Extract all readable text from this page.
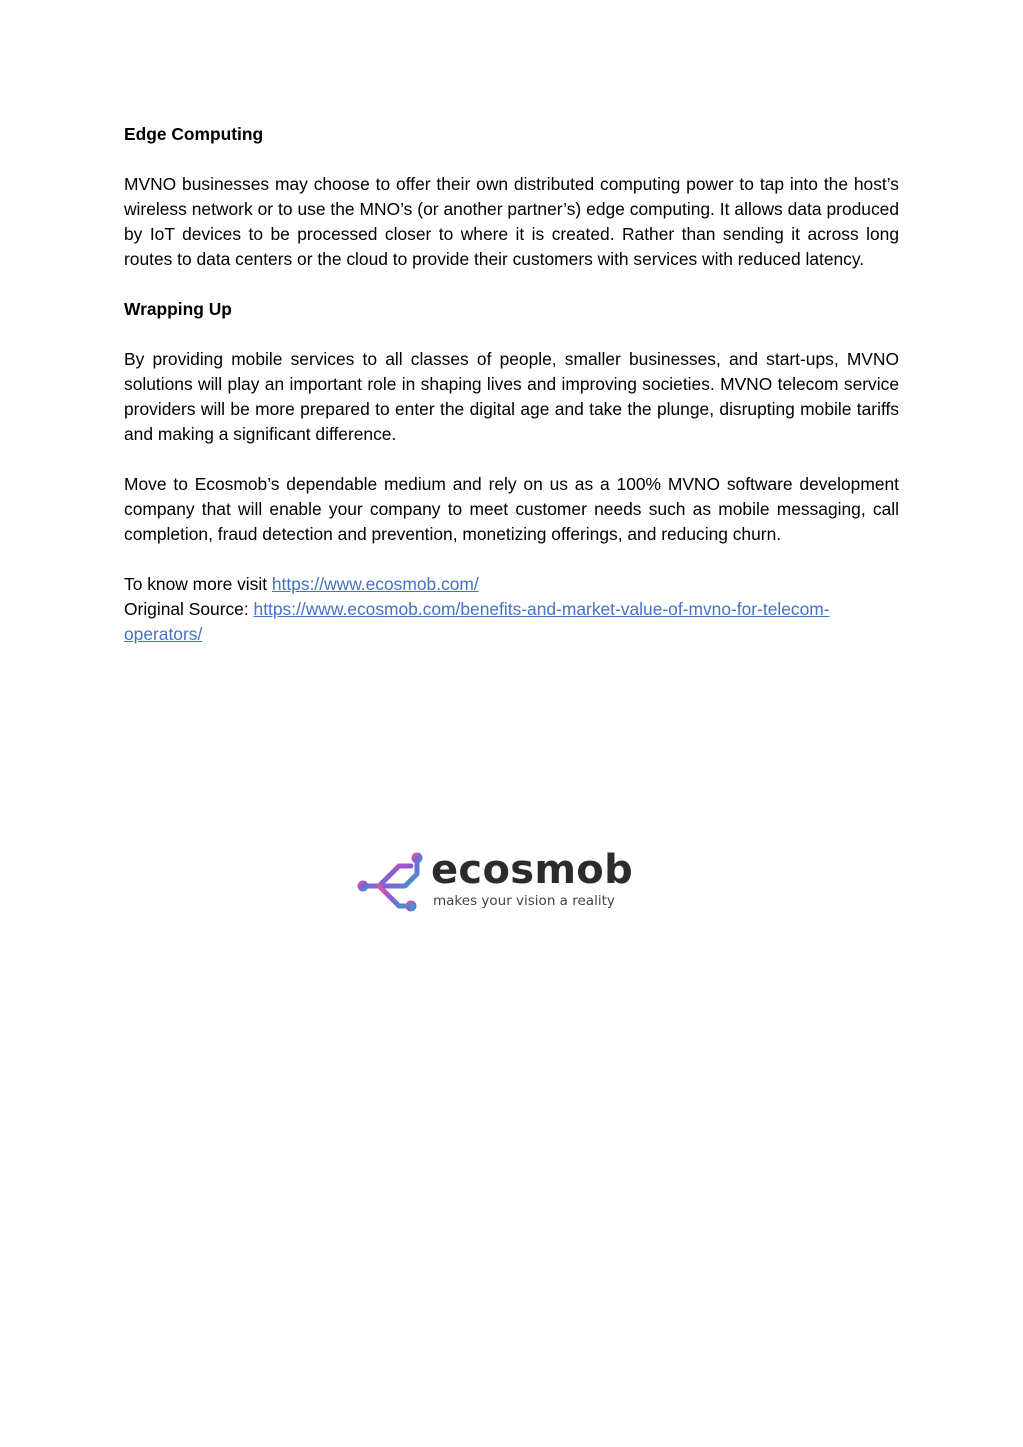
Edge Computing

MVNO businesses may choose to offer their own distributed computing power to tap into the host’s wireless network or to use the MNO’s (or another partner’s) edge computing. It allows data produced by IoT devices to be processed closer to where it is created. Rather than sending it across long routes to data centers or the cloud to provide their customers with services with reduced latency.

Wrapping Up

By providing mobile services to all classes of people, smaller businesses, and start-ups, MVNO solutions will play an important role in shaping lives and improving societies. MVNO telecom service providers will be more prepared to enter the digital age and take the plunge, disrupting mobile tariffs and making a significant difference.

Move to Ecosmob’s dependable medium and rely on us as a 100% MVNO software development company that will enable your company to meet customer needs such as mobile messaging, call completion, fraud detection and prevention, monetizing offerings, and reducing churn.

To know more visit https://www.ecosmob.com/

Original Source: https://www.ecosmob.com/benefits-and-market-value-of-mvno-for-telecom-operators/

ecosmob
makes your vision a reality
